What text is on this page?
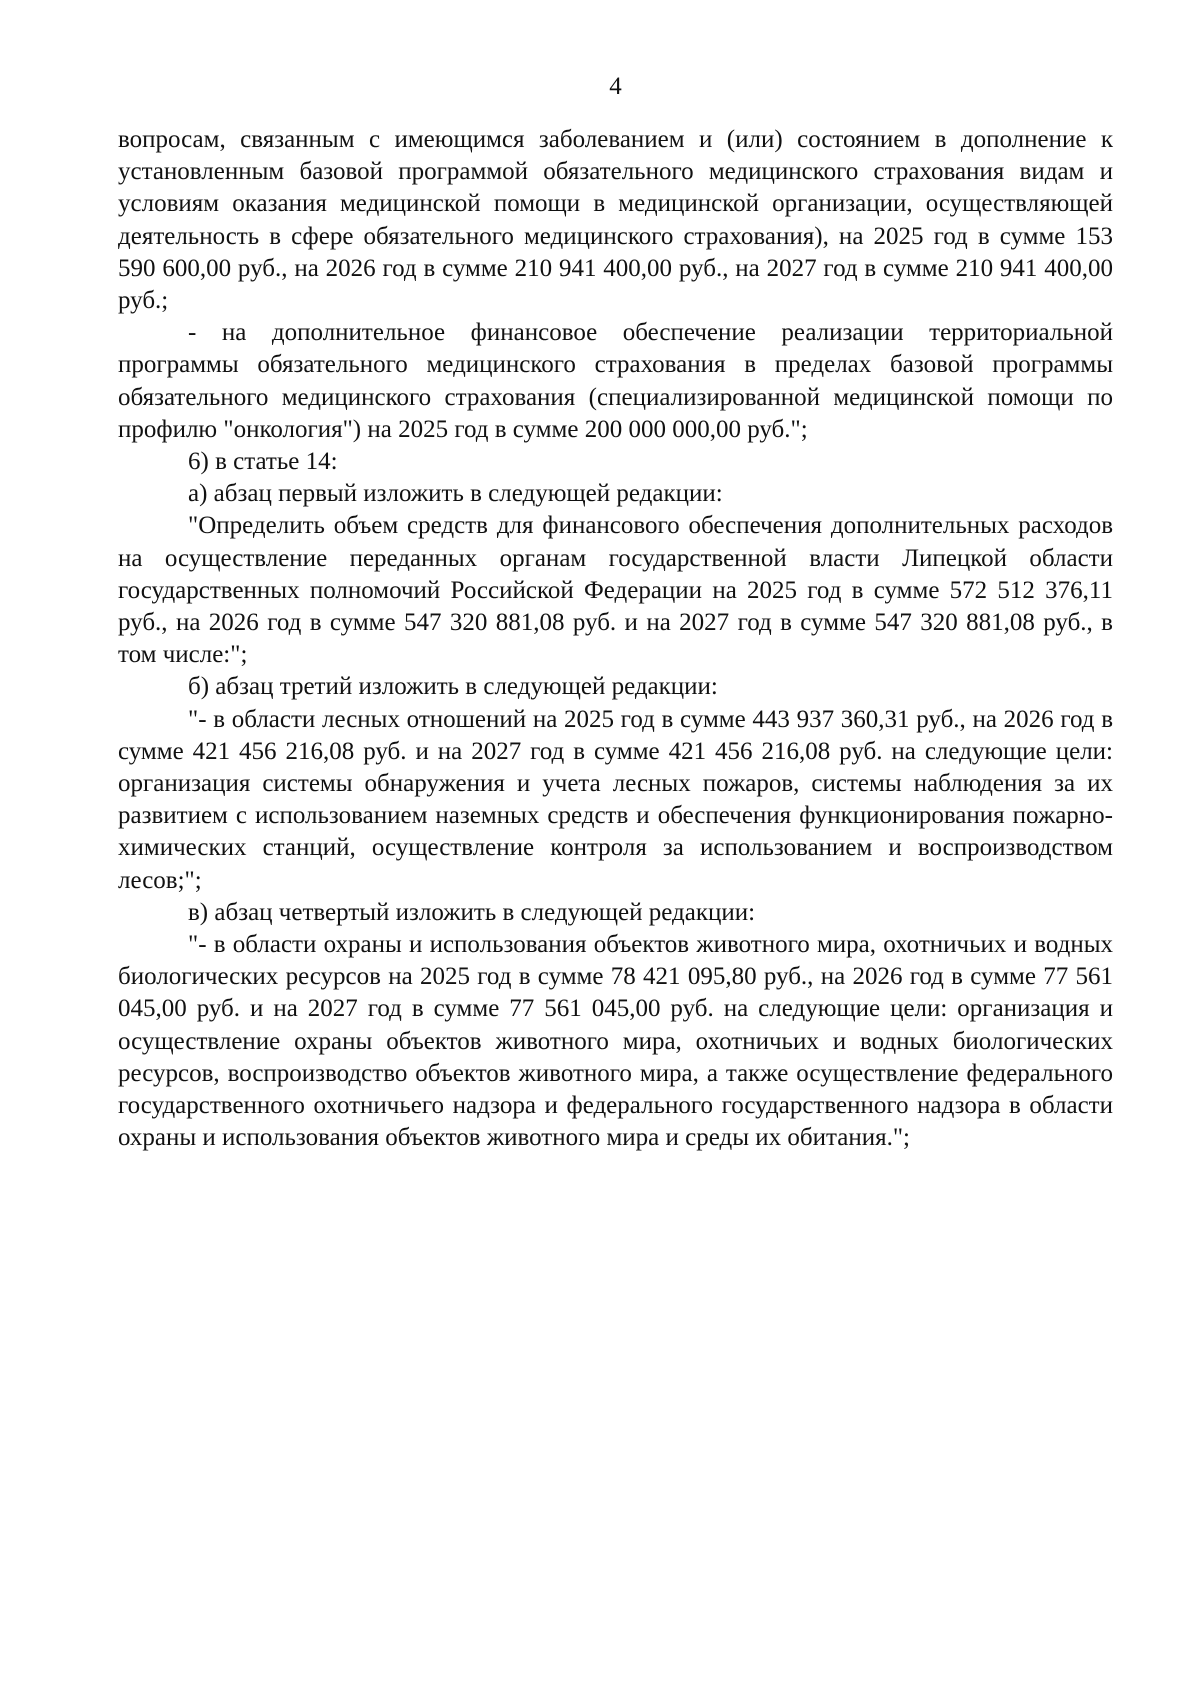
4

вопросам, связанным с имеющимся заболеванием и (или) состоянием в дополнение к установленным базовой программой обязательного медицинского страхования видам и условиям оказания медицинской помощи в медицинской организации, осуществляющей деятельность в сфере обязательного медицинского страхования), на 2025 год в сумме 153 590 600,00 руб., на 2026 год в сумме 210 941 400,00 руб., на 2027 год в сумме 210 941 400,00 руб.;

- на дополнительное финансовое обеспечение реализации территориальной программы обязательного медицинского страхования в пределах базовой программы обязательного медицинского страхования (специализированной медицинской помощи по профилю "онкология") на 2025 год в сумме 200 000 000,00 руб.";

6) в статье 14:

а) абзац первый изложить в следующей редакции:

"Определить объем средств для финансового обеспечения дополнительных расходов на осуществление переданных органам государственной власти Липецкой области государственных полномочий Российской Федерации на 2025 год в сумме 572 512 376,11 руб., на 2026 год в сумме 547 320 881,08 руб. и на 2027 год в сумме 547 320 881,08 руб., в том числе:";

б) абзац третий изложить в следующей редакции:

"- в области лесных отношений на 2025 год в сумме 443 937 360,31 руб., на 2026 год в сумме 421 456 216,08 руб. и на 2027 год в сумме 421 456 216,08 руб. на следующие цели: организация системы обнаружения и учета лесных пожаров, системы наблюдения за их развитием с использованием наземных средств и обеспечения функционирования пожарно-химических станций, осуществление контроля за использованием и воспроизводством лесов;";

в) абзац четвертый изложить в следующей редакции:

"- в области охраны и использования объектов животного мира, охотничьих и водных биологических ресурсов на 2025 год в сумме 78 421 095,80 руб., на 2026 год в сумме 77 561 045,00 руб. и на 2027 год в сумме 77 561 045,00 руб. на следующие цели: организация и осуществление охраны объектов животного мира, охотничьих и водных биологических ресурсов, воспроизводство объектов животного мира, а также осуществление федерального государственного охотничьего надзора и федерального государственного надзора в области охраны и использования объектов животного мира и среды их обитания.";
